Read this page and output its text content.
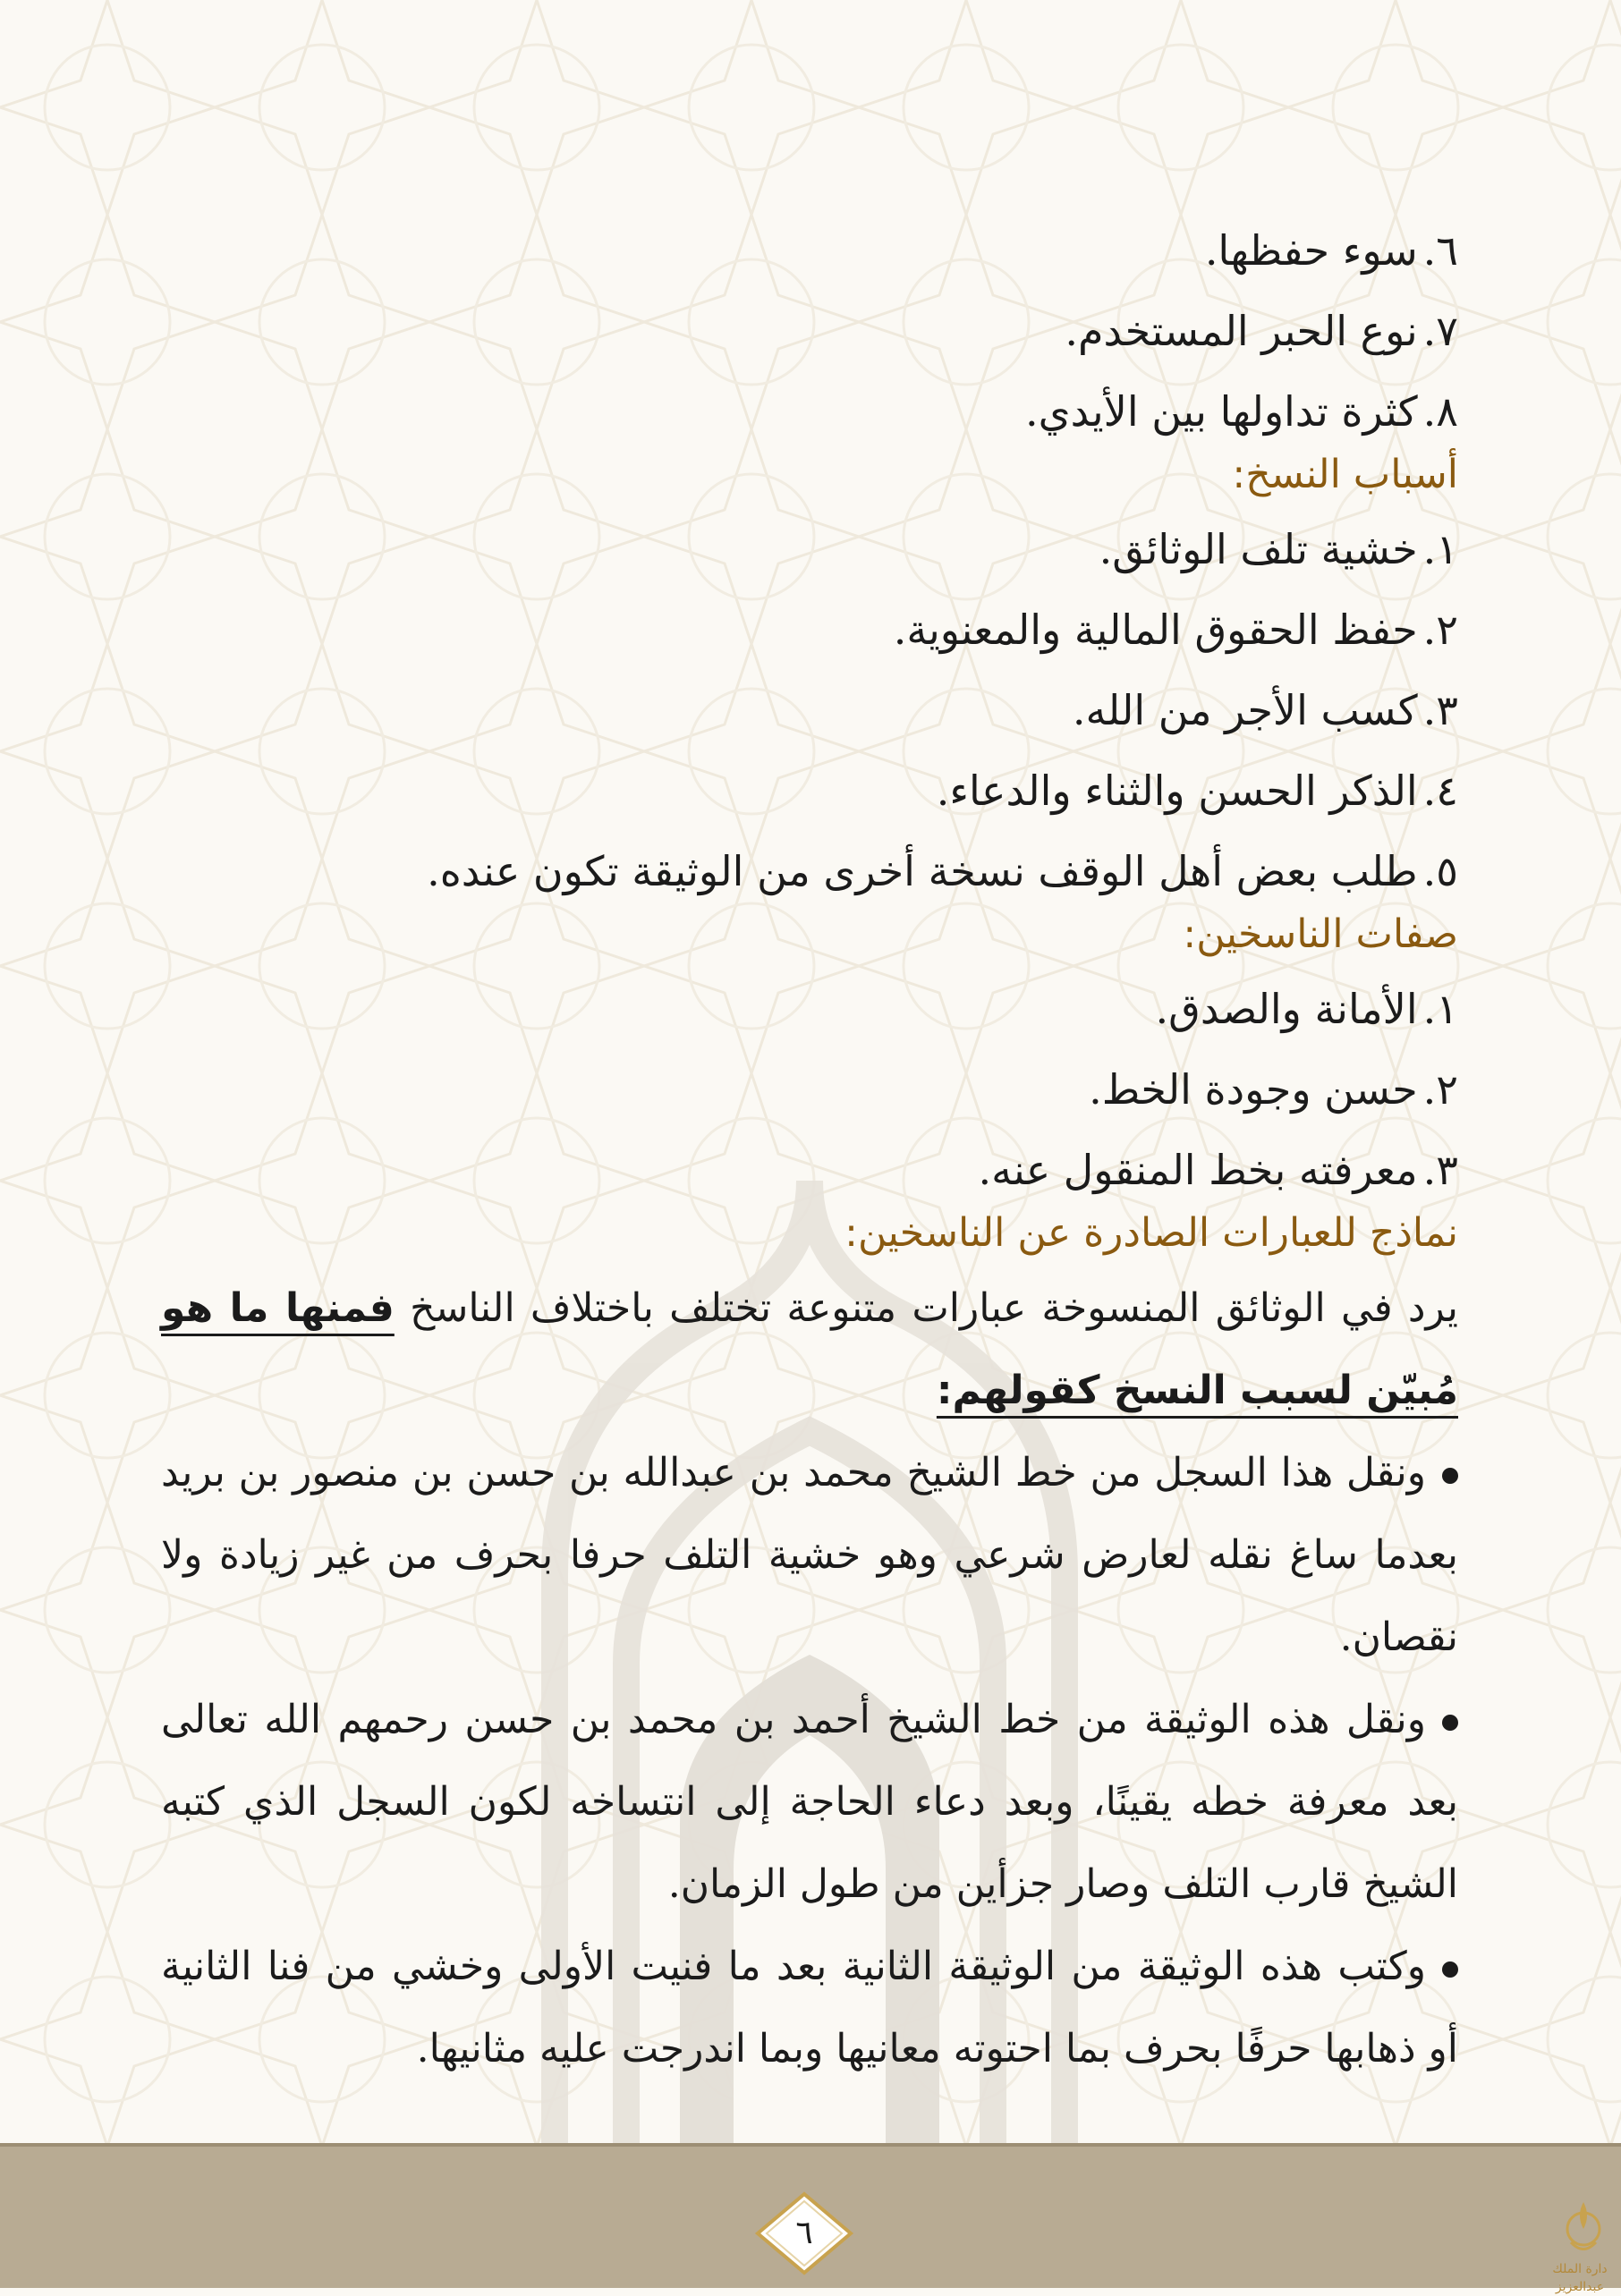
٦.سوء حفظها.
٧.نوع الحبر المستخدم.
٨.كثرة تداولها بين الأيدي.
أسباب النسخ:
١.خشية تلف الوثائق.
٢.حفظ الحقوق المالية والمعنوية.
٣.كسب الأجر من الله.
٤.الذكر الحسن والثناء والدعاء.
٥.طلب بعض أهل الوقف نسخة أخرى من الوثيقة تكون عنده.
صفات الناسخين:
١.الأمانة والصدق.
٢.حسن وجودة الخط.
٣.معرفته بخط المنقول عنه.
نماذج للعبارات الصادرة عن الناسخين:
يرد في الوثائق المنسوخة عبارات متنوعة تختلف باختلاف الناسخ فمنها ما هو مُبيّن لسبب النسخ كقولهم:
ونقل هذا السجل من خط الشيخ محمد بن عبدالله بن حسن بن منصور بن بريد بعدما ساغ نقله لعارض شرعي وهو خشية التلف حرفا بحرف من غير زيادة ولا نقصان.
ونقل هذه الوثيقة من خط الشيخ أحمد بن محمد بن حسن رحمهم الله تعالى بعد معرفة خطه يقينًا، وبعد دعاء الحاجة إلى انتساخه لكون السجل الذي كتبه الشيخ قارب التلف وصار جزأين من طول الزمان.
وكتب هذه الوثيقة من الوثيقة الثانية بعد ما فنيت الأولى وخشي من فنا الثانية أو ذهابها حرفًا بحرف بما احتوته معانيها وبما اندرجت عليه مثانيها.
٦
دارة الملك عبدالعزيز
